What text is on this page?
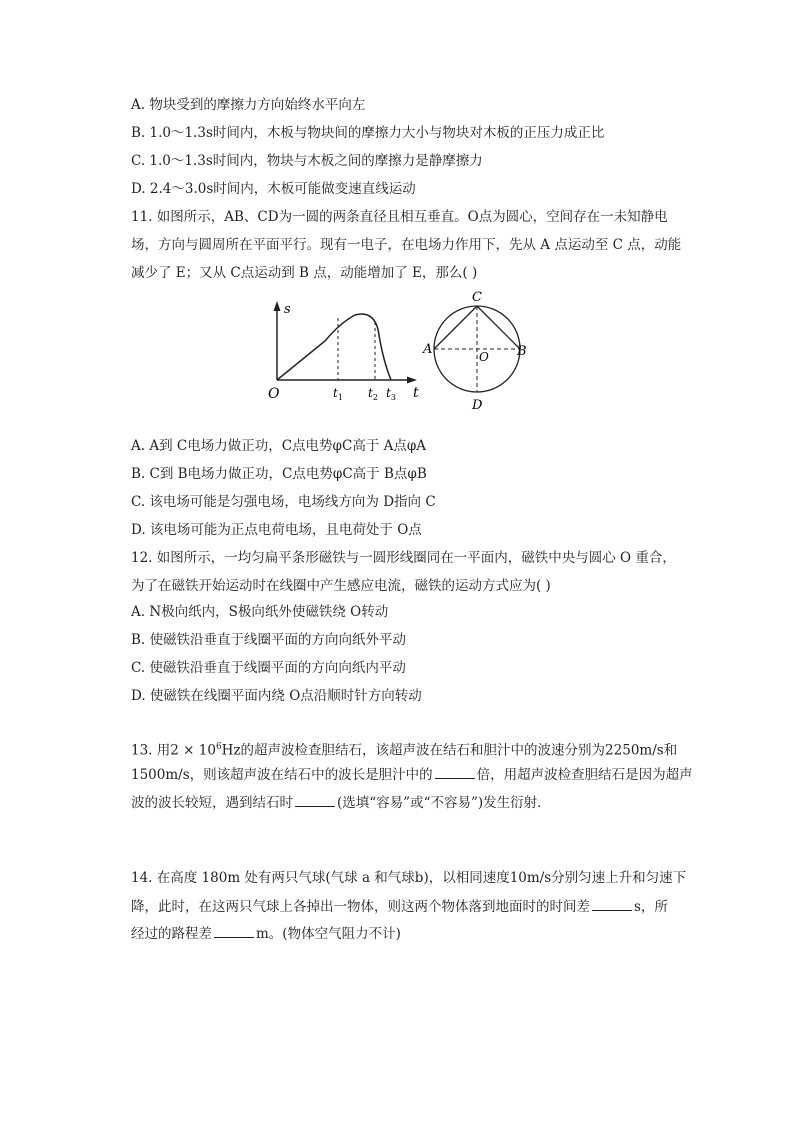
A. 物块受到的摩擦力方向始终水平向左
B. 1.0～1.3s时间内，木板与物块间的摩擦力大小与物块对木板的正压力成正比
C. 1.0～1.3s时间内，物块与木板之间的摩擦力是静摩擦力
D. 2.4～3.0s时间内，木板可能做变速直线运动
11. 如图所示，AB、CD为一圆的两条直径且相互垂直。O点为圆心，空间存在一未知静电
场，方向与圆周所在平面平行。现有一电子，在电场力作用下，先从 A 点运动至 C 点，动能
减少了 E；又从 C点运动到 B 点，动能增加了 E，那么( )
s
t
O	$t_1$ $t_2$ $t_3$
C
A	B
O
D
A. A到 C电场力做正功，C点电势φC高于 A点φA
B. C到 B电场力做正功，C点电势φC高于 B点φB
C. 该电场可能是匀强电场，电场线方向为 D指向 C
D. 该电场可能为正点电荷电场，且电荷处于 O点
12. 如图所示，一均匀扁平条形磁铁与一圆形线圈同在一平面内，磁铁中央与圆心 O 重合，
为了在磁铁开始运动时在线圈中产生感应电流，磁铁的运动方式应为( )
A. N极向纸内，S极向纸外使磁铁绕 O转动
B. 使磁铁沿垂直于线圈平面的方向向纸外平动
C. 使磁铁沿垂直于线圈平面的方向向纸内平动
D. 使磁铁在线圈平面内绕 O点沿顺时针方向转动
13. 用$2 \times 10^6Hz$的超声波检查胆结石，该超声波在结石和胆汁中的波速分别为2250m/s和
1500m/s，则该超声波在结石中的波长是胆汁中的	倍，用超声波检查胆结石是因为超声
波的波长较短，遇到结石时	(选填“容易”或“不容易”)发生衍射．
14. 在高度 180m 处有两只气球(气球 a 和气球b)，以相同速度10m/s分别匀速上升和匀速下
降，此时，在这两只气球上各掉出一物体，则这两个物体落到地面时的时间差	s，所
经过的路程差	m。(物体空气阻力不计)
